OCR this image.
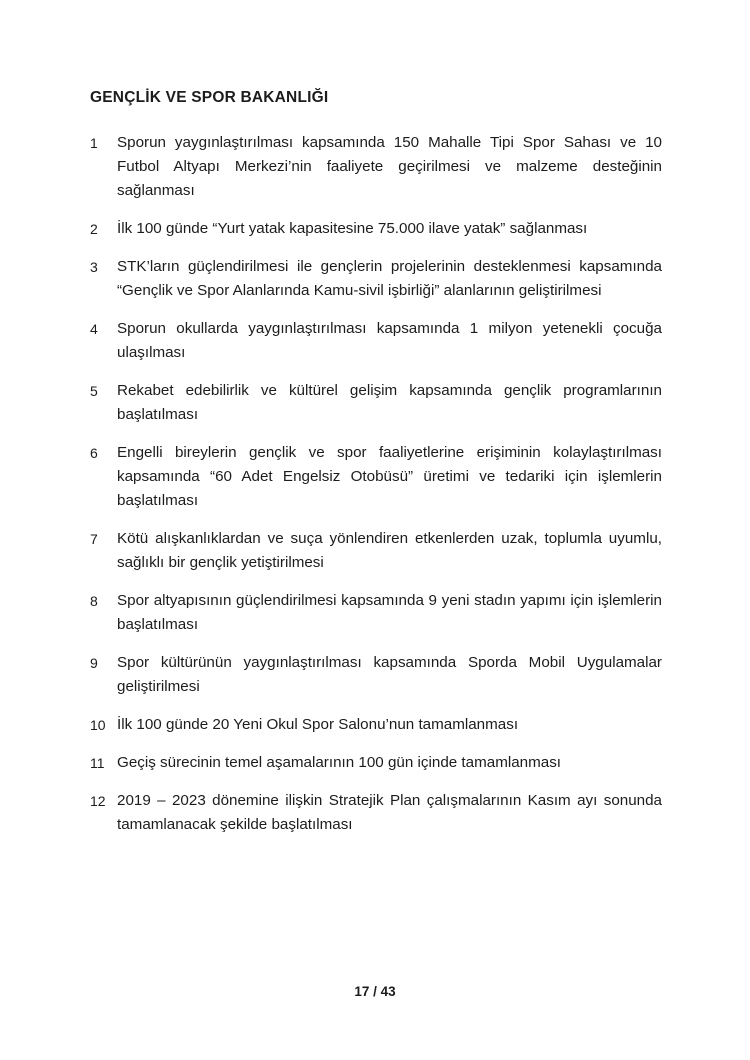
GENÇLİK VE SPOR BAKANLIĞI
1	Sporun yaygınlaştırılması kapsamında 150 Mahalle Tipi Spor Sahası ve 10 Futbol Altyapı Merkezi’nin faaliyete geçirilmesi ve malzeme desteğinin sağlanması

2	İlk 100 günde “Yurt yatak kapasitesine 75.000 ilave yatak” sağlanması

3	STK’ların güçlendirilmesi ile gençlerin projelerinin desteklenmesi kapsamında “Gençlik ve Spor Alanlarında Kamu-sivil işbirliği” alanlarının geliştirilmesi

4	Sporun okullarda yaygınlaştırılması kapsamında 1 milyon yetenekli çocuğa ulaşılması

5	Rekabet edebilirlik ve kültürel gelişim kapsamında gençlik programlarının başlatılması

6	Engelli bireylerin gençlik ve spor faaliyetlerine erişiminin kolaylaştırılması kapsamında “60 Adet Engelsiz Otobüsü” üretimi ve tedariki için işlemlerin başlatılması

7	Kötü alışkanlıklardan ve suça yönlendiren etkenlerden uzak, toplumla uyumlu, sağlıklı bir gençlik yetiştirilmesi

8	Spor altyapısının güçlendirilmesi kapsamında 9 yeni stadın yapımı için işlemlerin başlatılması

9	Spor kültürünün yaygınlaştırılması kapsamında Sporda Mobil Uygulamalar geliştirilmesi

10 İlk 100 günde 20 Yeni Okul Spor Salonu’nun tamamlanması

11 Geçiş sürecinin temel aşamalarının 100 gün içinde tamamlanması

12 2019 – 2023 dönemine ilişkin Stratejik Plan çalışmalarının Kasım ayı sonunda tamamlanacak şekilde başlatılması

17 / 43
